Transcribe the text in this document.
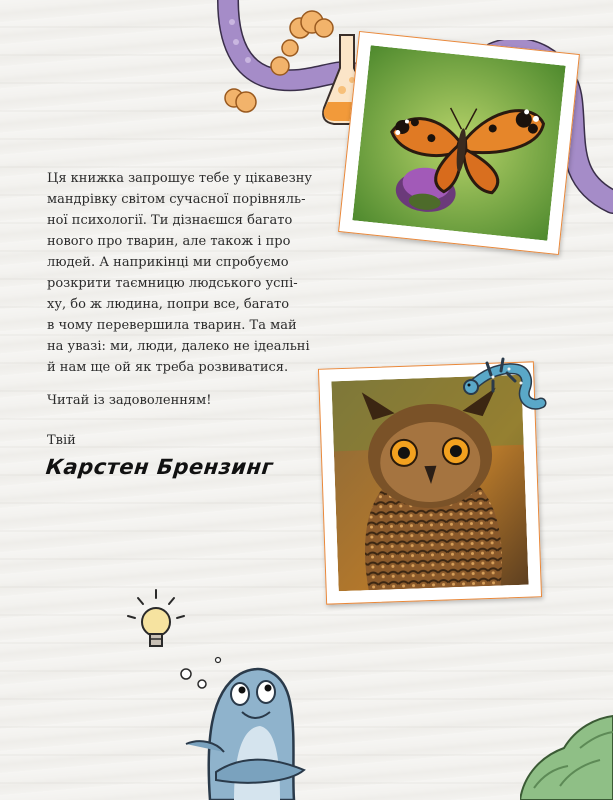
Ця книжка запрошує тебе у цікавезну
мандрівку світом сучасної порівняль-
ної психології. Ти дізнаєшся багато
нового про тварин, але також і про
людей. А наприкінці ми спробуємо
розкрити таємницю людського успі-
ху, бо ж людина, попри все, багато
в чому перевершила тварин. Та май
на увазі: ми, люди, далеко не ідеальні
й нам ще ой як треба розвиватися.

Читай із задоволенням!
Твій
Карстен Брензинг
